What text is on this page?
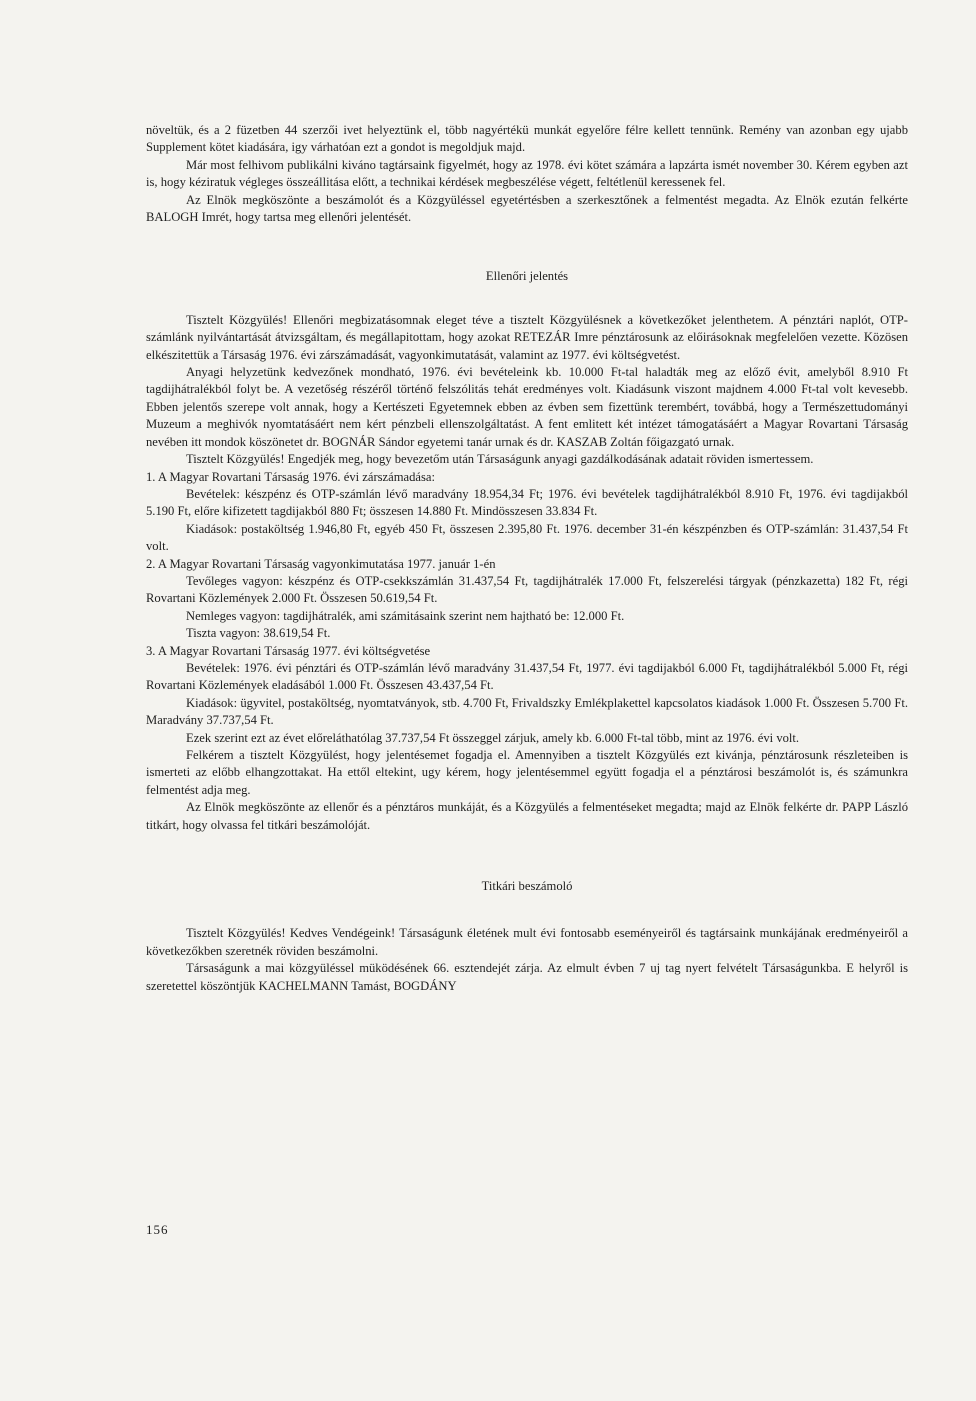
növeltük, és a 2 füzetben 44 szerzői ivet helyeztünk el, több nagyértékü munkát egyelőre félre kellett tennünk. Remény van azonban egy ujabb Supplement kötet kiadására, igy várhatóan ezt a gondot is megoldjuk majd.

Már most felhivom publikálni kiváno tagtársaink figyelmét, hogy az 1978. évi kötet számára a lapzárta ismét november 30. Kérem egyben azt is, hogy kéziratuk végleges összeállitása előtt, a technikai kérdések megbeszélése végett, feltétlenül keressenek fel.

Az Elnök megköszönte a beszámolót és a Közgyüléssel egyetértésben a szerkesztőnek a felmentést megadta. Az Elnök ezután felkérte BALOGH Imrét, hogy tartsa meg ellenőri jelentését.

Ellenőri jelentés

Tisztelt Közgyülés! Ellenőri megbizatásomnak eleget téve a tisztelt Közgyülésnek a következőket jelenthetem. A pénztári naplót, OTP-számlánk nyilvántartását átvizsgáltam, és megállapitottam, hogy azokat RETEZÁR Imre pénztárosunk az előirásoknak megfelelően vezette. Közösen elkészitettük a Társaság 1976. évi zárszámadását, vagyonkimutatását, valamint az 1977. évi költségvetést.

Anyagi helyzetünk kedvezőnek mondható, 1976. évi bevételeink kb. 10.000 Ft-tal haladták meg az előző évit, amelyből 8.910 Ft tagdijhátralékból folyt be. A vezetőség részéről történő felszólitás tehát eredményes volt. Kiadásunk viszont majdnem 4.000 Ft-tal volt kevesebb. Ebben jelentős szerepe volt annak, hogy a Kertészeti Egyetemnek ebben az évben sem fizettünk terembért, továbbá, hogy a Természettudományi Muzeum a meghivók nyomtatásáért nem kért pénzbeli ellenszolgáltatást. A fent emlitett két intézet támogatásáért a Magyar Rovartani Társaság nevében itt mondok köszönetet dr. BOGNÁR Sándor egyetemi tanár urnak és dr. KASZAB Zoltán főigazgató urnak.

Tisztelt Közgyülés! Engedjék meg, hogy bevezetőm után Társaságunk anyagi gazdálkodásának adatait röviden ismertessem.

1. A Magyar Rovartani Társaság 1976. évi zárszámadása:

Bevételek: készpénz és OTP-számlán lévő maradvány 18.954,34 Ft; 1976. évi bevételek tagdijhátralékból 8.910 Ft, 1976. évi tagdijakból 5.190 Ft, előre kifizetett tagdijakból 880 Ft; összesen 14.880 Ft. Mindösszesen 33.834 Ft.

Kiadások: postaköltség 1.946,80 Ft, egyéb 450 Ft, összesen 2.395,80 Ft. 1976. december 31-én készpénzben és OTP-számlán: 31.437,54 Ft volt.

2. A Magyar Rovartani Társaság vagyonkimutatása 1977. január 1-én

Tevőleges vagyon: készpénz és OTP-csekkszámlán 31.437,54 Ft, tagdijhátralék 17.000 Ft, felszerelési tárgyak (pénzkazetta) 182 Ft, régi Rovartani Közlemények 2.000 Ft. Összesen 50.619,54 Ft.

Nemleges vagyon: tagdijhátralék, ami számitásaink szerint nem hajtható be: 12.000 Ft.

Tiszta vagyon: 38.619,54 Ft.

3. A Magyar Rovartani Társaság 1977. évi költségvetése

Bevételek: 1976. évi pénztári és OTP-számlán lévő maradvány 31.437,54 Ft, 1977. évi tagdijakból 6.000 Ft, tagdijhátralékból 5.000 Ft, régi Rovartani Közlemények eladásából 1.000 Ft. Összesen 43.437,54 Ft.

Kiadások: ügyvitel, postaköltség, nyomtatványok, stb. 4.700 Ft, Frivaldszky Emlékplakettel kapcsolatos kiadások 1.000 Ft. Összesen 5.700 Ft. Maradvány 37.737,54 Ft.

Ezek szerint ezt az évet előreláthatólag 37.737,54 Ft összeggel zárjuk, amely kb. 6.000 Ft-tal több, mint az 1976. évi volt.

Felkérem a tisztelt Közgyülést, hogy jelentésemet fogadja el. Amennyiben a tisztelt Közgyülés ezt kivánja, pénztárosunk részleteiben is ismerteti az előbb elhangzottakat. Ha ettől eltekint, ugy kérem, hogy jelentésemmel együtt fogadja el a pénztárosi beszámolót is, és számunkra felmentést adja meg.

Az Elnök megköszönte az ellenőr és a pénztáros munkáját, és a Közgyülés a felmentéseket megadta; majd az Elnök felkérte dr. PAPP László titkárt, hogy olvassa fel titkári beszámolóját.

Titkári beszámoló

Tisztelt Közgyülés! Kedves Vendégeink! Társaságunk életének mult évi fontosabb eseményeiről és tagtársaink munkájának eredményeiről a következőkben szeretnék röviden beszámolni.

Társaságunk a mai közgyüléssel müködésének 66. esztendejét zárja. Az elmult évben 7 uj tag nyert felvételt Társaságunkba. E helyről is szeretettel köszöntjük KACHELMANN Tamást, BOGDÁNY

156
